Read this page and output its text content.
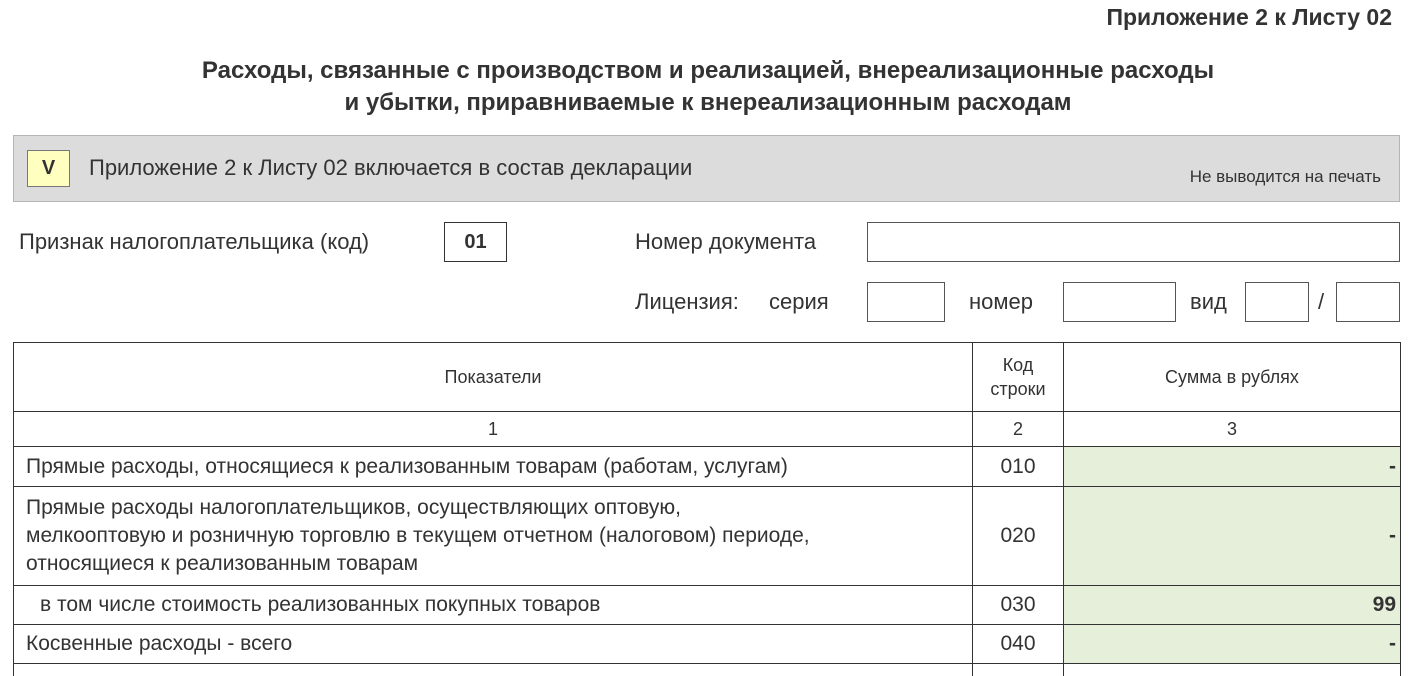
Приложение 2 к Листу 02
Расходы, связанные с производством и реализацией, внереализационные расходы
и убытки, приравниваемые к внереализационным расходам
V	Приложение 2 к Листу 02 включается в состав декларации	Не выводится на печать
Признак налогоплательщика (код)	01	Номер документа
Лицензия: серия	номер	вид	/
Показатели	Код строки	Сумма в рублях
1	2	3
Прямые расходы, относящиеся к реализованным товарам (работам, услугам)	010	-
Прямые расходы налогоплательщиков, осуществляющих оптовую, мелкооптовую и розничную торговлю в текущем отчетном (налоговом) периоде, относящиеся к реализованным товарам	020	-
в том числе стоимость реализованных покупных товаров	030	99
Косвенные расходы - всего	040	-
